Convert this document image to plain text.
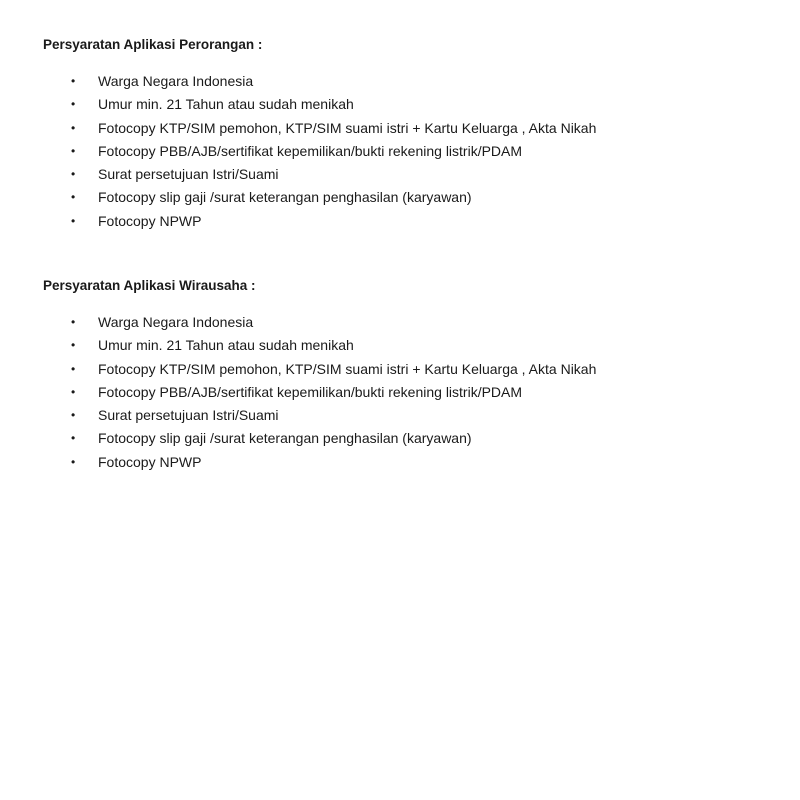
Persyaratan Aplikasi Perorangan :
• Warga Negara Indonesia
• Umur min. 21 Tahun atau sudah menikah
• Fotocopy KTP/SIM pemohon, KTP/SIM suami istri + Kartu Keluarga , Akta Nikah
• Fotocopy PBB/AJB/sertifikat kepemilikan/bukti rekening listrik/PDAM
• Surat persetujuan Istri/Suami
• Fotocopy slip gaji /surat keterangan penghasilan (karyawan)
• Fotocopy NPWP
Persyaratan Aplikasi Wirausaha :
• Warga Negara Indonesia
• Umur min. 21 Tahun atau sudah menikah
• Fotocopy KTP/SIM pemohon, KTP/SIM suami istri + Kartu Keluarga , Akta Nikah
• Fotocopy PBB/AJB/sertifikat kepemilikan/bukti rekening listrik/PDAM
• Surat persetujuan Istri/Suami
• Fotocopy slip gaji /surat keterangan penghasilan (karyawan)
• Fotocopy NPWP
